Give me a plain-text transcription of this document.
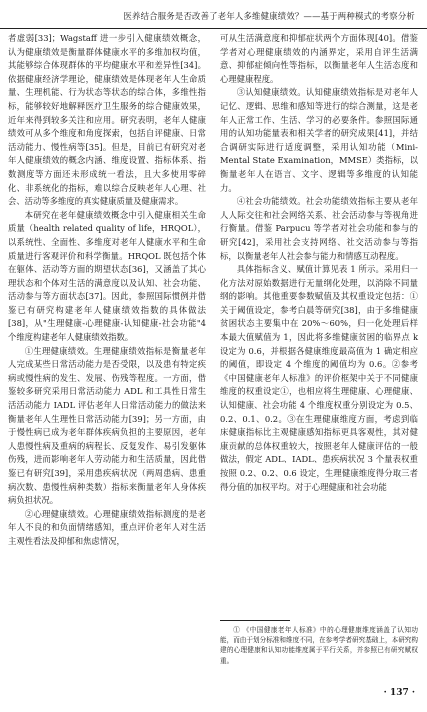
医养结合服务是否改善了老年人多维健康绩效？——基于两种模式的考察分析

者虚弱[33]；Wagstaff 进一步引入健康绩效概念，认为健康绩效是衡量群体健康水平的多维加权均值，其能够综合体现群体的平均健康水平和差异性[34]。依据健康经济学理论，健康绩效是体现老年人生命质量、生理机能、行为状态等状态的综合体，多维性指标，能够较好地解释医疗卫生服务的综合健康效果，近年来得到较多关注和应用。研究表明，老年人健康绩效可从多个维度和角度探索，包括自评健康、日常活动能力、慢性病等[35]。但是，目前已有研究对老年人健康绩效的概念内涵、维度设置、指标体系、指数测度等方面还未形成统一看法，且大多使用零碎化、非系统化的指标，难以综合反映老年人心理、社会、活动等多维度的真实健康质量及健康需求。

本研究在老年健康绩效概念中引入健康相关生命质量（health related quality of life，HRQOL），以系统性、全面性、多维度对老年人健康水平和生命质量进行客观评价和科学衡量。HRQOL 既包括个体在躯体、活动等方面的期望状态[36]，又涵盖了其心理状态和个体对生活的满意度以及认知、社会功能、活动参与等方面状态[37]。因此，参照国际惯例并借鉴已有研究构建老年人健康绩效指数的具体做法[38]，从"生理健康-心理健康-认知健康-社会功能"4 个维度构建老年人健康绩效指数。

①生理健康绩效。生理健康绩效指标是衡量老年人完成某些日常活动能力是否受限，以及患有特定疾病或慢性病的发生、发展、伤残等程度。一方面，借鉴较多研究采用日常活动能力 ADL 和工具性日常生活活动能力 IADL 评估老年人日常活动能力的做法来衡量老年人生理性日常活动能力[39]；另一方面，由于慢性病已成为老年群体疾病负担的主要原因，老年人患慢性病及重病的病程长、反复发作、易引发躯体伤残，进而影响老年人劳动能力和生活质量，因此借鉴已有研究[39]，采用患疾病状况（两周患病、患重病次数、患慢性病种类数）指标来衡量老年人身体疾病负担状况。

②心理健康绩效。心理健康绩效指标测度的是老年人不良的和负面情绪感知，重点评价老年人对生活主观性看法及抑郁和焦虑情况，

可从生活满意度和抑郁症状两个方面体现[40]。借鉴学者对心理健康绩效的内涵界定，采用自评生活满意、抑郁症倾向性等指标，以衡量老年人生活态度和心理健康程度。

③认知健康绩效。认知健康绩效指标是对老年人记忆、逻辑、思维和感知等进行的综合测量，这是老年人正常工作、生活、学习的必要条件。参照国际通用的认知功能量表和相关学者的研究成果[41]，并结合调研实际进行适度调整，采用认知功能（Mini-Mental State Examination，MMSE）类指标，以衡量老年人在语言、文字、逻辑等多维度的认知能力。

④社会功能绩效。社会功能绩效指标主要从老年人人际交往和社会网络关系、社会活动参与等视角进行衡量。借鉴 Parpucu 等学者对社会功能和参与的研究[42]，采用社会支持网络、社交活动参与等指标，以衡量老年人社会参与能力和情感互动程度。

具体指标含义、赋值计算见表 1 所示。采用归一化方法对原始数据进行无量纲化处理，以消除不同量纲的影响。其他重要参数赋值及其权重设定包括：①关于阈值设定，参考白晨等研究[38]，由于多维健康贫困状态主要集中在 20%～60%，归一化处理后样本最大值赋值为 1，因此将多维健康贫困的临界点 k 设定为 0.6，并根据各健康维度最高值为 1 确定相应的阈值，即设定 4 个维度的阈值均为 0.6。②参考《中国健康老年人标准》的评价框架中关于不同健康维度的权重设定①，也相应将生理健康、心理健康、认知健康、社会功能 4 个维度权重分别设定为 0.5、0.2、0.1、0.2。③在生理健康维度方面，考虑到临床健康指标比主观健康感知指标更具客观性，其对健康贡献的总体权重较大，按照老年人健康评估的一般做法，假定 ADL、IADL、患疾病状况 3 个量表权重按照 0.2、0.2、0.6 设定，生理健康维度得分取三者得分值的加权平均。对于心理健康和社会功能

① 《中国健康老年人标准》中的心理健康维度涵盖了认知功能，而由于划分标准和维度不同，在参考学者研究基础上，本研究构建的心理健康和认知功能维度属于平行关系，并参照已有研究赋权重。

· 137 ·
